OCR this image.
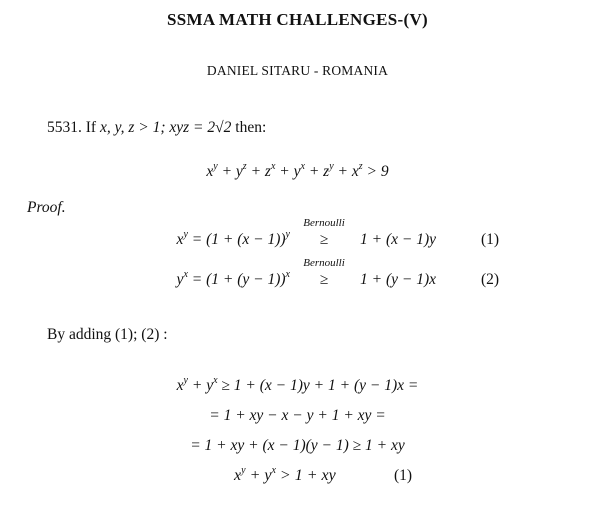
SSMA MATH CHALLENGES-(V)
DANIEL SITARU - ROMANIA
5531. If x, y, z > 1; xyz = 2√2 then:
$x^y + y^z + z^x + y^x + z^y + x^z > 9$
Proof.
$x^y = (1 + (x - 1))^y$
Bernoulli
≥	1 + (x − 1)y	(1)
$y^x = (1 + (y - 1))^x$
Bernoulli
≥	1 + (y − 1)x	(2)
By adding (1); (2) :
$x^y + y^x \ge 1 + (x - 1)y + 1 + (y - 1)x$ =
= 1 + xy − x − y + 1 + xy =
= 1 + xy + (x − 1)(y − 1) ≥ 1 + xy
$x^y + y^x > 1$ + xy	(1)
